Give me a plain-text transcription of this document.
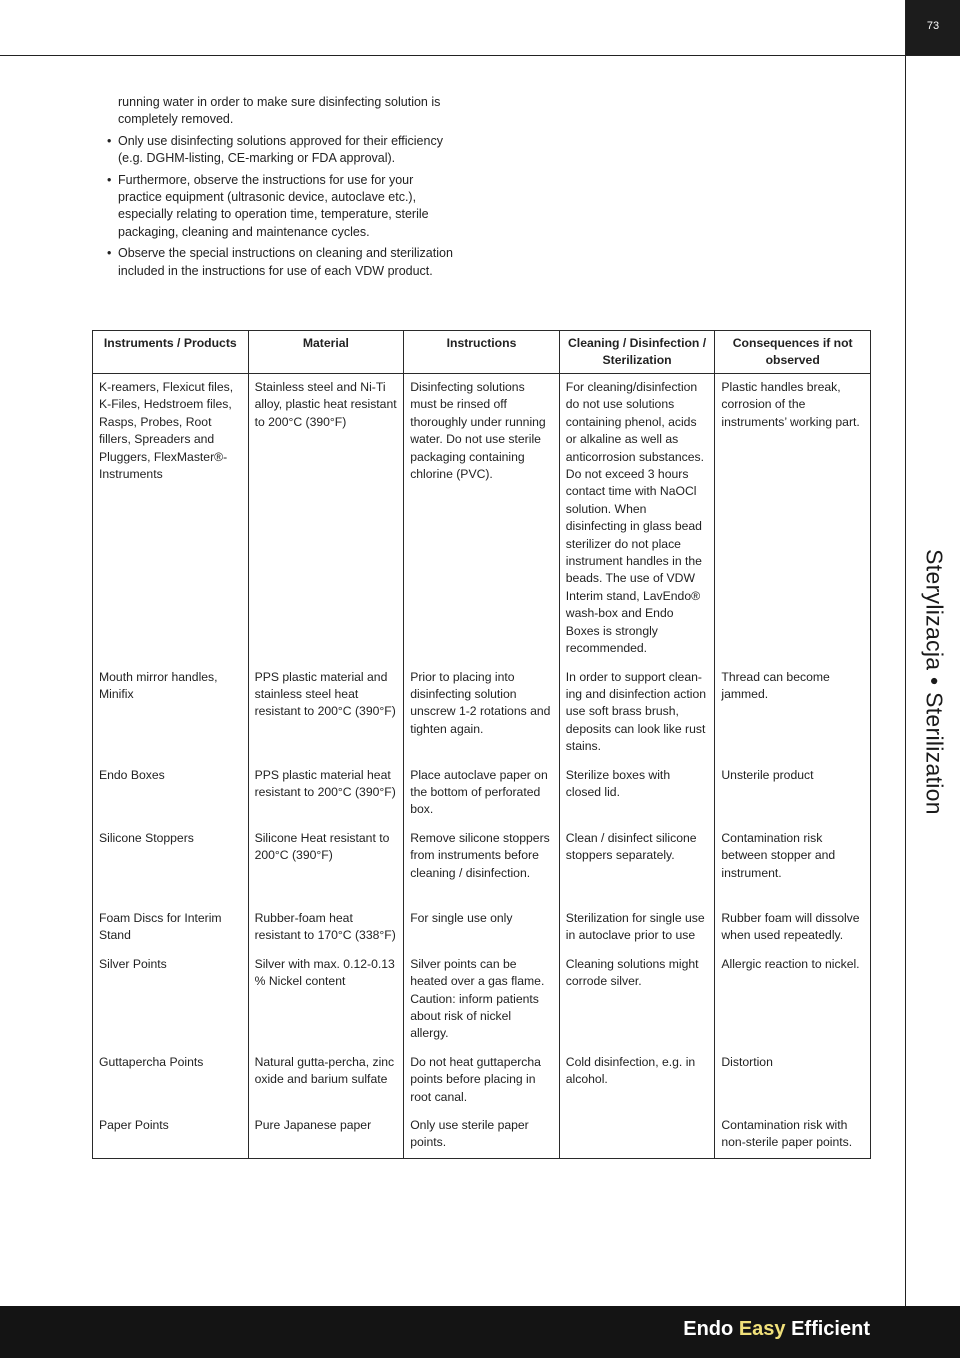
73
Sterylizacja • Sterilization

running water in order to make sure disinfecting solution is completely removed.

• Only use disinfecting solutions approved for their efficiency (e.g. DGHM-listing, CE-marking or FDA approval).

• Furthermore, observe the instructions for use for your practice equipment (ultrasonic device, autoclave etc.), especially relating to operation time, temperature, sterile packaging, cleaning and maintenance cycles.

• Observe the special instructions on cleaning and sterilization included in the instructions for use of each VDW product.

Instruments / Products	Material	Instructions	Cleaning / Disinfection / Sterilization	Consequences if not observed
K-reamers, Flexicut files, K-Files, Hedstroem files, Rasps, Probes, Root fillers, Spreaders and Pluggers, FlexMaster®-Instruments	Stainless steel and Ni-Ti alloy, plastic heat resistant to 200°C (390°F)	Disinfecting solutions must be rinsed off thoroughly under running water. Do not use sterile packaging containing chlorine (PVC).	For cleaning/disinfection do not use solutions containing phenol, acids or alkaline as well as anticorrosion substances. Do not exceed 3 hours contact time with NaOCl solution. When disinfecting in glass bead sterilizer do not place instrument handles in the beads. The use of VDW Interim stand, LavEndo® wash-box and Endo Boxes is strongly recommended.	Plastic handles break, corrosion of the instruments’ working part.
Mouth mirror handles, Minifix	PPS plastic material and stainless steel heat resistant to 200°C (390°F)	Prior to placing into disinfecting solution unscrew 1-2 rotations and tighten again.	In order to support clean-ing and disinfection action use soft brass brush, deposits can look like rust stains.	Thread can become jammed.
Endo Boxes	PPS plastic material heat resistant to 200°C (390°F)	Place autoclave paper on the bottom of perforated box.	Sterilize boxes with closed lid.	Unsterile product
Silicone Stoppers	Silicone Heat resistant to 200°C (390°F)	Remove silicone stoppers from instruments before cleaning / disinfection.	Clean / disinfect silicone stoppers separately.	Contamination risk between stopper and instrument.
Foam Discs for Interim Stand	Rubber-foam heat resistant to 170°C (338°F)	For single use only	Sterilization for single use in autoclave prior to use	Rubber foam will dissolve when used repeatedly.
Silver Points	Silver with max. 0.12-0.13 % Nickel content	Silver points can be heated over a gas flame. Caution: inform patients about risk of nickel allergy.	Cleaning solutions might corrode silver.	Allergic reaction to nickel.
Guttapercha Points	Natural gutta-percha, zinc oxide and barium sulfate	Do not heat guttapercha points before placing in root canal.	Cold disinfection, e.g. in alcohol.	Distortion
Paper Points	Pure Japanese paper	Only use sterile paper points.		Contamination risk with non-sterile paper points.
Endo Easy Efficient
